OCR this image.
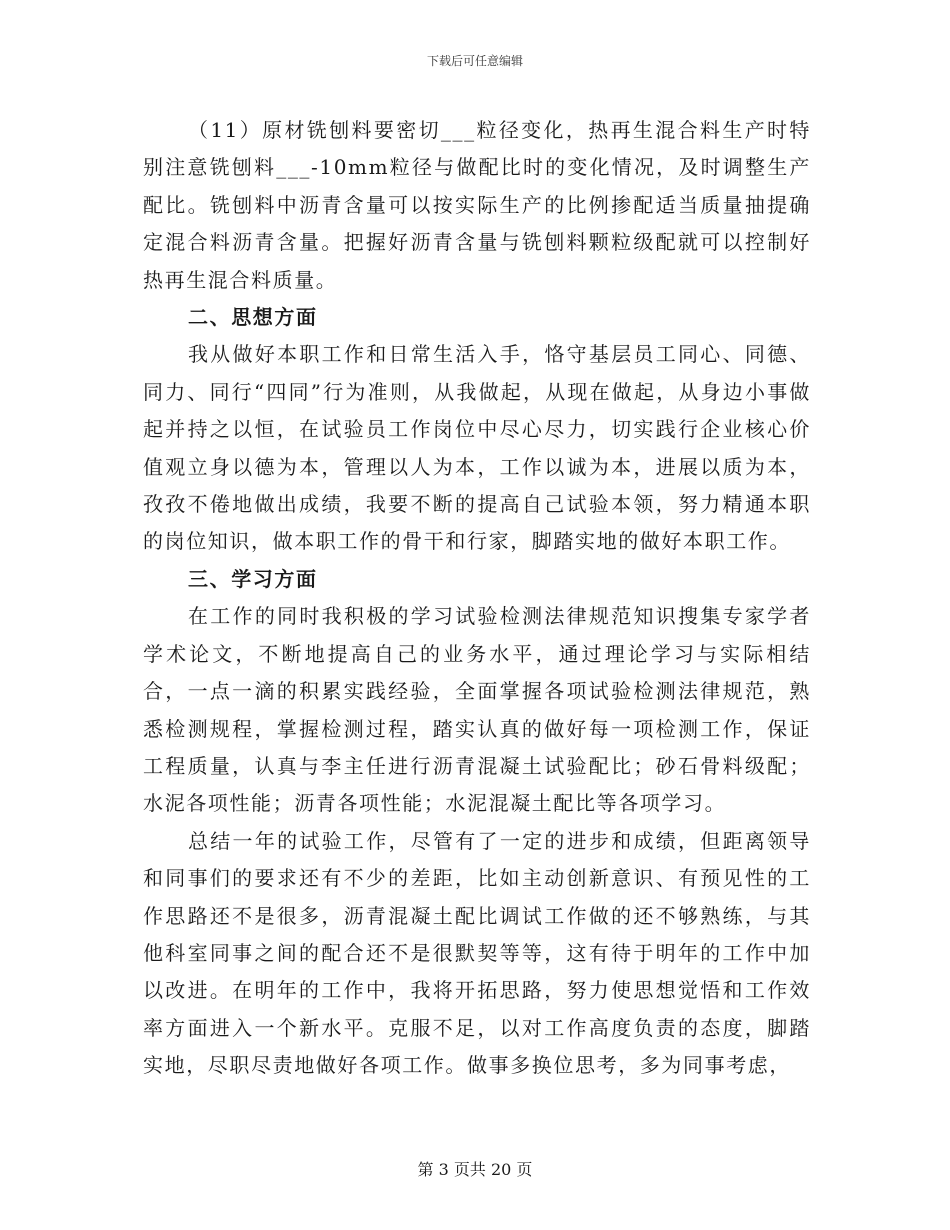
下载后可任意编辑

（11）原材铣刨料要密切___粒径变化，热再生混合料生产时特别注意铣刨料___-10mm粒径与做配比时的变化情况，及时调整生产配比。铣刨料中沥青含量可以按实际生产的比例掺配适当质量抽提确定混合料沥青含量。把握好沥青含量与铣刨料颗粒级配就可以控制好热再生混合料质量。

二、思想方面

我从做好本职工作和日常生活入手，恪守基层员工同心、同德、同力、同行“四同”行为准则，从我做起，从现在做起，从身边小事做起并持之以恒，在试验员工作岗位中尽心尽力，切实践行企业核心价值观立身以德为本，管理以人为本，工作以诚为本，进展以质为本，孜孜不倦地做出成绩，我要不断的提高自己试验本领，努力精通本职的岗位知识，做本职工作的骨干和行家，脚踏实地的做好本职工作。

三、学习方面

在工作的同时我积极的学习试验检测法律规范知识搜集专家学者学术论文，不断地提高自己的业务水平，通过理论学习与实际相结合，一点一滴的积累实践经验，全面掌握各项试验检测法律规范，熟悉检测规程，掌握检测过程，踏实认真的做好每一项检测工作，保证工程质量，认真与李主任进行沥青混凝土试验配比；砂石骨料级配；水泥各项性能；沥青各项性能；水泥混凝土配比等各项学习。

总结一年的试验工作，尽管有了一定的进步和成绩，但距离领导和同事们的要求还有不少的差距，比如主动创新意识、有预见性的工作思路还不是很多，沥青混凝土配比调试工作做的还不够熟练，与其他科室同事之间的配合还不是很默契等等，这有待于明年的工作中加以改进。在明年的工作中，我将开拓思路，努力使思想觉悟和工作效率方面进入一个新水平。克服不足，以对工作高度负责的态度，脚踏实地，尽职尽责地做好各项工作。做事多换位思考，多为同事考虑，

第 3 页共 20 页
